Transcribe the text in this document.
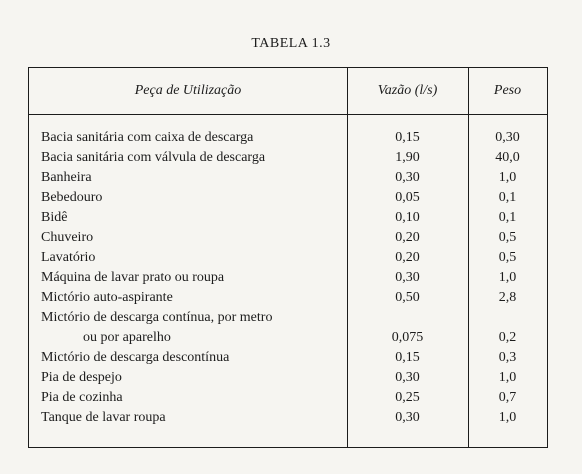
TABELA 1.3
Peça de Utilização	Vazão (l/s)	Peso
Bacia sanitária com caixa de descarga	0,15	0,30
Bacia sanitária com válvula de descarga	1,90	40,0
Banheira	0,30	1,0
Bebedouro	0,05	0,1
Bidê	0,10	0,1
Chuveiro	0,20	0,5
Lavatório	0,20	0,5
Máquina de lavar prato ou roupa	0,30	1,0
Mictório auto-aspirante	0,50	2,8
Mictório de descarga contínua, por metro
ou por aparelho	0,075	0,2
Mictório de descarga descontínua	0,15	0,3
Pia de despejo	0,30	1,0
Pia de cozinha	0,25	0,7
Tanque de lavar roupa	0,30	1,0
